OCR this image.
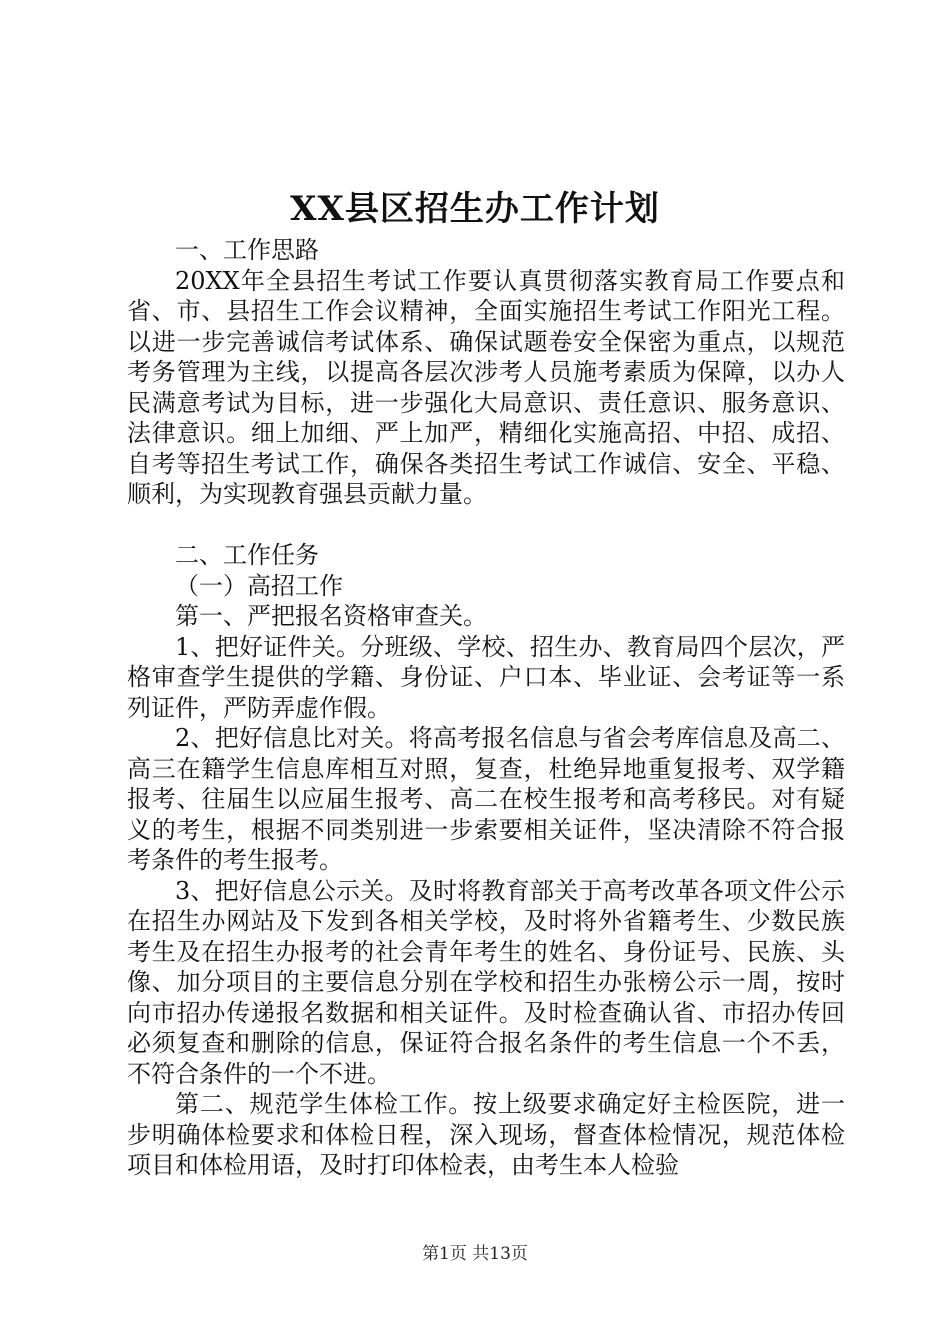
XX县区招生办工作计划

一、工作思路

20XX年全县招生考试工作要认真贯彻落实教育局工作要点和省、市、县招生工作会议精神，全面实施招生考试工作阳光工程。以进一步完善诚信考试体系、确保试题卷安全保密为重点，以规范考务管理为主线，以提高各层次涉考人员施考素质为保障，以办人民满意考试为目标，进一步强化大局意识、责任意识、服务意识、法律意识。细上加细、严上加严，精细化实施高招、中招、成招、自考等招生考试工作，确保各类招生考试工作诚信、安全、平稳、顺利，为实现教育强县贡献力量。

二、工作任务

（一）高招工作

第一、严把报名资格审查关。

1、把好证件关。分班级、学校、招生办、教育局四个层次，严格审查学生提供的学籍、身份证、户口本、毕业证、会考证等一系列证件，严防弄虚作假。

2、把好信息比对关。将高考报名信息与省会考库信息及高二、高三在籍学生信息库相互对照，复查，杜绝异地重复报考、双学籍报考、往届生以应届生报考、高二在校生报考和高考移民。对有疑义的考生，根据不同类别进一步索要相关证件，坚决清除不符合报考条件的考生报考。

3、把好信息公示关。及时将教育部关于高考改革各项文件公示在招生办网站及下发到各相关学校，及时将外省籍考生、少数民族考生及在招生办报考的社会青年考生的姓名、身份证号、民族、头像、加分项目的主要信息分别在学校和招生办张榜公示一周，按时向市招办传递报名数据和相关证件。及时检查确认省、市招办传回必须复查和删除的信息，保证符合报名条件的考生信息一个不丢，不符合条件的一个不进。

第二、规范学生体检工作。按上级要求确定好主检医院，进一步明确体检要求和体检日程，深入现场，督查体检情况，规范体检项目和体检用语，及时打印体检表，由考生本人检验

第1页 共13页
